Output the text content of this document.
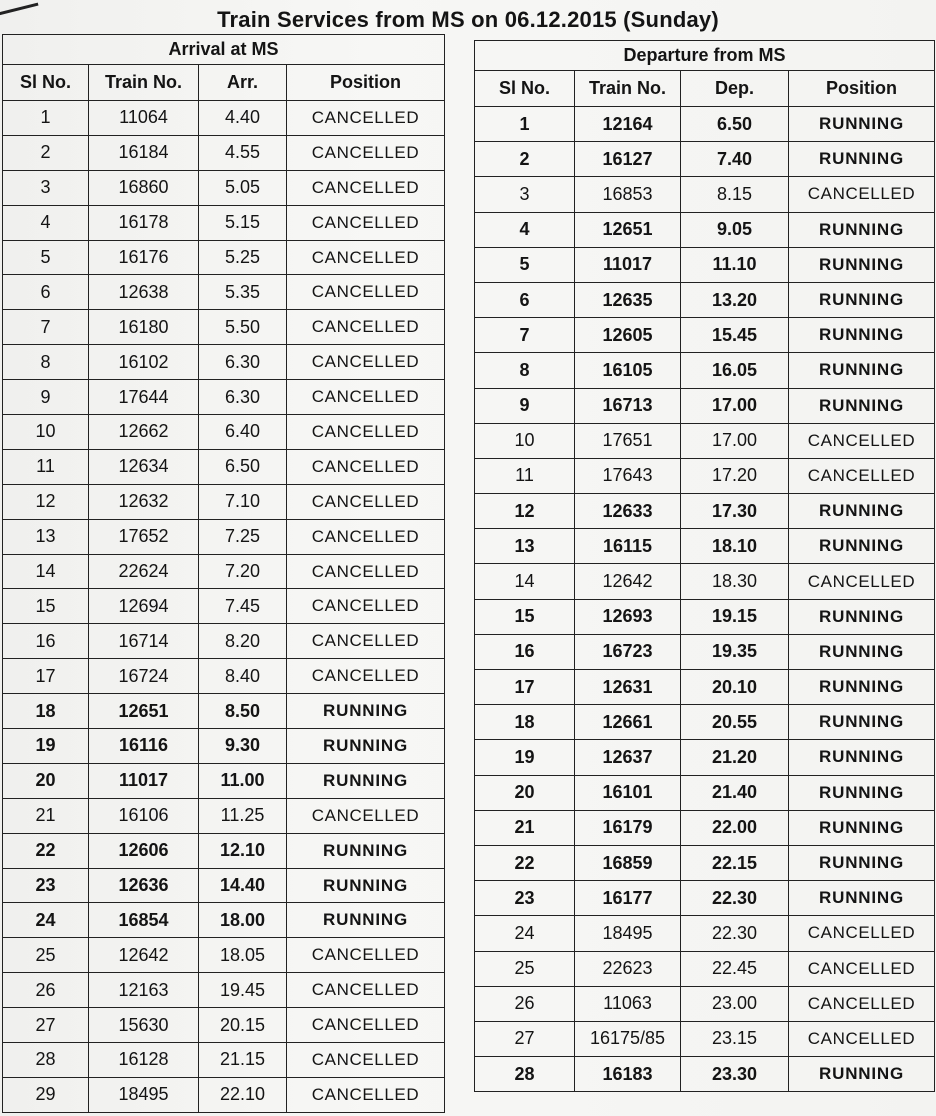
Train Services from MS on 06.12.2015 (Sunday)
Arrival at MS			
Sl No.	Train No.	Arr.	Position
1	11064	4.40	CANCELLED
2	16184	4.55	CANCELLED
3	16860	5.05	CANCELLED
4	16178	5.15	CANCELLED
5	16176	5.25	CANCELLED
6	12638	5.35	CANCELLED
7	16180	5.50	CANCELLED
8	16102	6.30	CANCELLED
9	17644	6.30	CANCELLED
10	12662	6.40	CANCELLED
11	12634	6.50	CANCELLED
12	12632	7.10	CANCELLED
13	17652	7.25	CANCELLED
14	22624	7.20	CANCELLED
15	12694	7.45	CANCELLED
16	16714	8.20	CANCELLED
17	16724	8.40	CANCELLED
18	12651	8.50	RUNNING
19	16116	9.30	RUNNING
20	11017	11.00	RUNNING
21	16106	11.25	CANCELLED
22	12606	12.10	RUNNING
23	12636	14.40	RUNNING
24	16854	18.00	RUNNING
25	12642	18.05	CANCELLED
26	12163	19.45	CANCELLED
27	15630	20.15	CANCELLED
28	16128	21.15	CANCELLED
29	18495	22.10	CANCELLED
Departure from MS			
Sl No.	Train No.	Dep.	Position
1	12164	6.50	RUNNING
2	16127	7.40	RUNNING
3	16853	8.15	CANCELLED
4	12651	9.05	RUNNING
5	11017	11.10	RUNNING
6	12635	13.20	RUNNING
7	12605	15.45	RUNNING
8	16105	16.05	RUNNING
9	16713	17.00	RUNNING
10	17651	17.00	CANCELLED
11	17643	17.20	CANCELLED
12	12633	17.30	RUNNING
13	16115	18.10	RUNNING
14	12642	18.30	CANCELLED
15	12693	19.15	RUNNING
16	16723	19.35	RUNNING
17	12631	20.10	RUNNING
18	12661	20.55	RUNNING
19	12637	21.20	RUNNING
20	16101	21.40	RUNNING
21	16179	22.00	RUNNING
22	16859	22.15	RUNNING
23	16177	22.30	RUNNING
24	18495	22.30	CANCELLED
25	22623	22.45	CANCELLED
26	11063	23.00	CANCELLED
27	16175/85	23.15	CANCELLED
28	16183	23.30	RUNNING
